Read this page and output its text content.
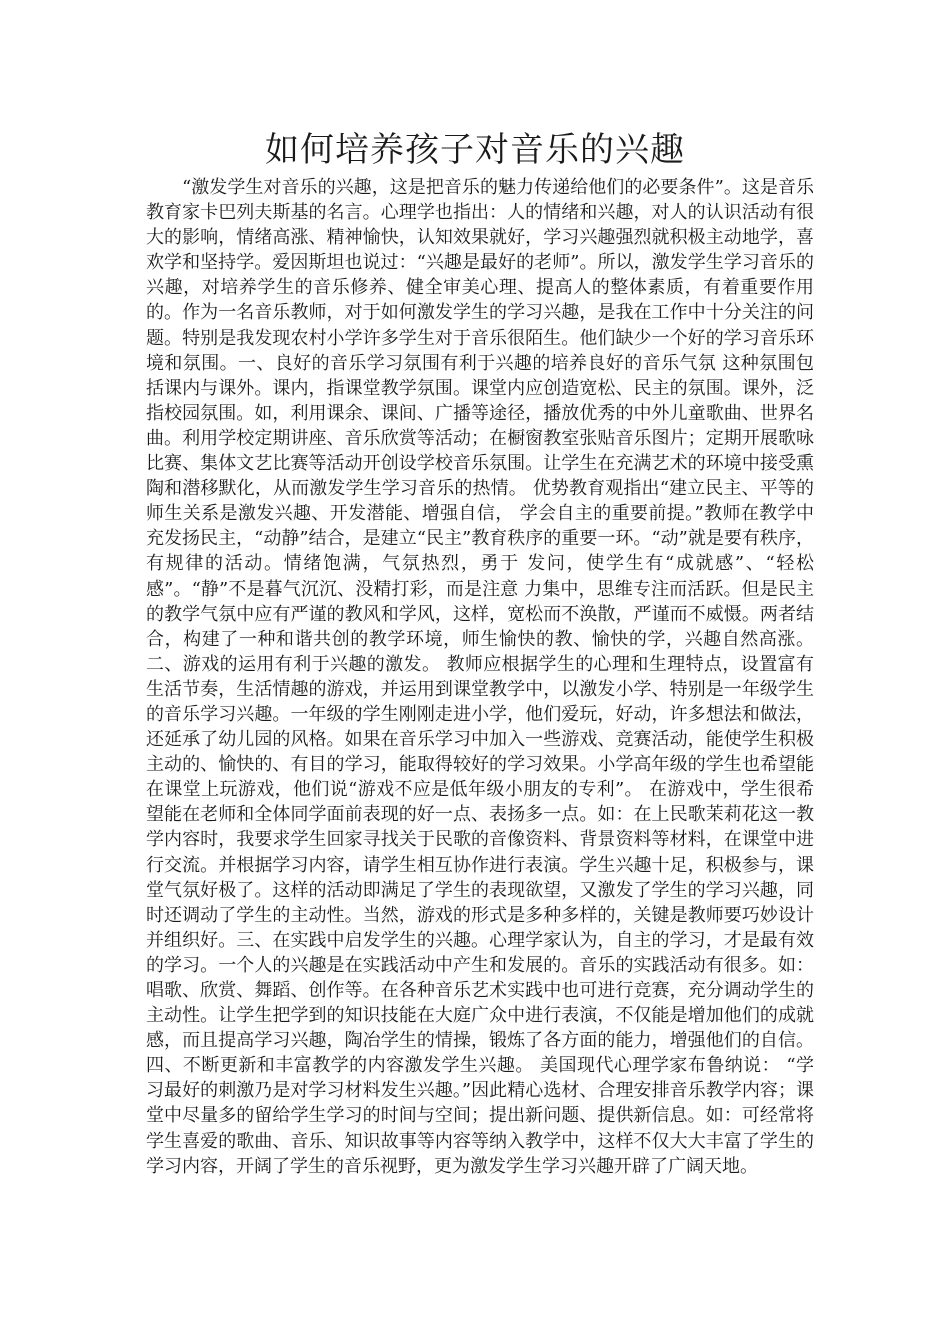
如何培养孩子对音乐的兴趣

“激发学生对音乐的兴趣，这是把音乐的魅力传递给他们的必要条件”。这是音乐教育家卡巴列夫斯基的名言。心理学也指出：人的情绪和兴趣，对人的认识活动有很大的影响，情绪高涨、精神愉快，认知效果就好，学习兴趣强烈就积极主动地学，喜欢学和坚持学。爱因斯坦也说过：“兴趣是最好的老师”。所以，激发学生学习音乐的兴趣，对培养学生的音乐修养、健全审美心理、提高人的整体素质，有着重要作用的。作为一名音乐教师，对于如何激发学生的学习兴趣，是我在工作中十分关注的问题。特别是我发现农村小学许多学生对于音乐很陌生。他们缺少一个好的学习音乐环境和氛围。一、良好的音乐学习氛围有利于兴趣的培养良好的音乐气氛 这种氛围包括课内与课外。课内，指课堂教学氛围。课堂内应创造宽松、民主的氛围。课外，泛指校园氛围。如，利用课余、课间、广播等途径，播放优秀的中外儿童歌曲、世界名曲。利用学校定期讲座、音乐欣赏等活动；在橱窗教室张贴音乐图片；定期开展歌咏比赛、集体文艺比赛等活动开创设学校音乐氛围。让学生在充满艺术的环境中接受熏陶和潜移默化，从而激发学生学习音乐的热情。 优势教育观指出“建立民主、平等的师生关系是激发兴趣、开发潜能、增强自信， 学会自主的重要前提。”教师在教学中充发扬民主，“动静”结合，是建立“民主”教育秩序的重要一环。“动”就是要有秩序，有规律的活动。情绪饱满，气氛热烈，勇于 发问，使学生有“成就感”、“轻松感”。“静”不是暮气沉沉、没精打彩，而是注意 力集中，思维专注而活跃。但是民主的教学气氛中应有严谨的教风和学风，这样，宽松而不涣散，严谨而不威慑。两者结合，构建了一种和谐共创的教学环境，师生愉快的教、愉快的学，兴趣自然高涨。二、游戏的运用有利于兴趣的激发。 教师应根据学生的心理和生理特点，设置富有生活节奏，生活情趣的游戏，并运用到课堂教学中，以激发小学、特别是一年级学生的音乐学习兴趣。一年级的学生刚刚走进小学，他们爱玩，好动，许多想法和做法，还延承了幼儿园的风格。如果在音乐学习中加入一些游戏、竞赛活动，能使学生积极主动的、愉快的、有目的学习，能取得较好的学习效果。小学高年级的学生也希望能在课堂上玩游戏，他们说“游戏不应是低年级小朋友的专利”。 在游戏中，学生很希望能在老师和全体同学面前表现的好一点、表扬多一点。如：在上民歌茉莉花这一教学内容时，我要求学生回家寻找关于民歌的音像资料、背景资料等材料，在课堂中进行交流。并根据学习内容，请学生相互协作进行表演。学生兴趣十足，积极参与，课堂气氛好极了。这样的活动即满足了学生的表现欲望，又激发了学生的学习兴趣，同时还调动了学生的主动性。当然，游戏的形式是多种多样的，关键是教师要巧妙设计并组织好。三、在实践中启发学生的兴趣。心理学家认为，自主的学习，才是最有效的学习。一个人的兴趣是在实践活动中产生和发展的。音乐的实践活动有很多。如：唱歌、欣赏、舞蹈、创作等。在各种音乐艺术实践中也可进行竞赛，充分调动学生的主动性。让学生把学到的知识技能在大庭广众中进行表演，不仅能是增加他们的成就感，而且提高学习兴趣，陶冶学生的情操，锻炼了各方面的能力，增强他们的自信。 四、不断更新和丰富教学的内容激发学生兴趣。 美国现代心理学家布鲁纳说： “学习最好的刺激乃是对学习材料发生兴趣。”因此精心选材、合理安排音乐教学内容；课堂中尽量多的留给学生学习的时间与空间；提出新问题、提供新信息。如：可经常将学生喜爱的歌曲、音乐、知识故事等内容等纳入教学中，这样不仅大大丰富了学生的学习内容，开阔了学生的音乐视野，更为激发学生学习兴趣开辟了广阔天地。
